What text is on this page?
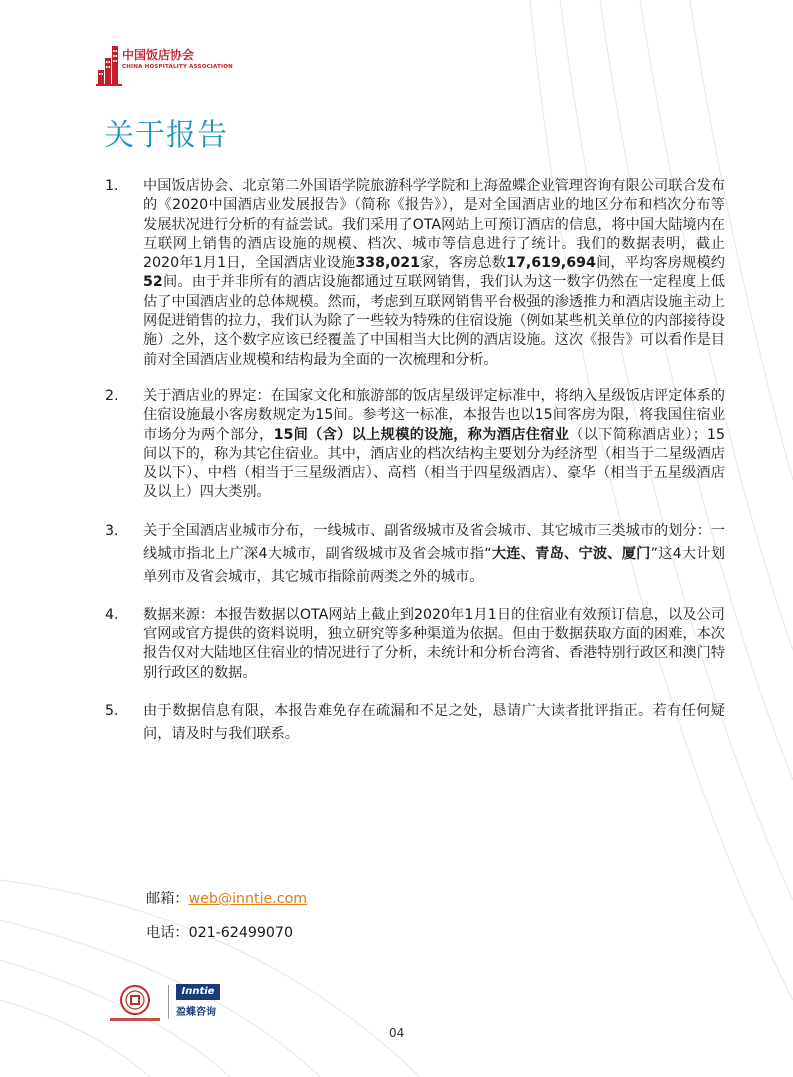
中国饭店协会
CHINA HOSPITALITY ASSOCIATION
关于报告
1.	中国饭店协会、北京第二外国语学院旅游科学学院和上海盈蝶企业管理咨询有限公司联合发布的《2020中国酒店业发展报告》（简称《报告》），是对全国酒店业的地区分布和档次分布等发展状况进行分析的有益尝试。我们采用了OTA网站上可预订酒店的信息，将中国大陆境内在互联网上销售的酒店设施的规模、档次、城市等信息进行了统计。我们的数据表明，截止2020年1月1日，全国酒店业设施338,021家，客房总数17,619,694间，平均客房规模约52间。由于并非所有的酒店设施都通过互联网销售，我们认为这一数字仍然在一定程度上低估了中国酒店业的总体规模。然而，考虑到互联网销售平台极强的渗透推力和酒店设施主动上网促进销售的拉力，我们认为除了一些较为特殊的住宿设施（例如某些机关单位的内部接待设施）之外，这个数字应该已经覆盖了中国相当大比例的酒店设施。这次《报告》可以看作是目前对全国酒店业规模和结构最为全面的一次梳理和分析。
2.	关于酒店业的界定：在国家文化和旅游部的饭店星级评定标准中，将纳入星级饭店评定体系的住宿设施最小客房数规定为15间。参考这一标准，本报告也以15间客房为限，将我国住宿业市场分为两个部分，15间（含）以上规模的设施，称为酒店住宿业（以下简称酒店业）；15间以下的，称为其它住宿业。其中，酒店业的档次结构主要划分为经济型（相当于二星级酒店及以下）、中档（相当于三星级酒店）、高档（相当于四星级酒店）、豪华（相当于五星级酒店及以上）四大类别。
3.	关于全国酒店业城市分布，一线城市、副省级城市及省会城市、其它城市三类城市的划分：一线城市指北上广深4大城市，副省级城市及省会城市指“大连、青岛、宁波、厦门”这4大计划单列市及省会城市，其它城市指除前两类之外的城市。
4.	数据来源：本报告数据以OTA网站上截止到2020年1月1日的住宿业有效预订信息，以及公司官网或官方提供的资料说明，独立研究等多种渠道为依据。但由于数据获取方面的困难，本次报告仅对大陆地区住宿业的情况进行了分析，未统计和分析台湾省、香港特别行政区和澳门特别行政区的数据。
5.	由于数据信息有限，本报告难免存在疏漏和不足之处，恳请广大读者批评指正。若有任何疑问，请及时与我们联系。
邮箱：web@inntie.com
电话：021-62499070
Inntie
盈蝶咨询
04
